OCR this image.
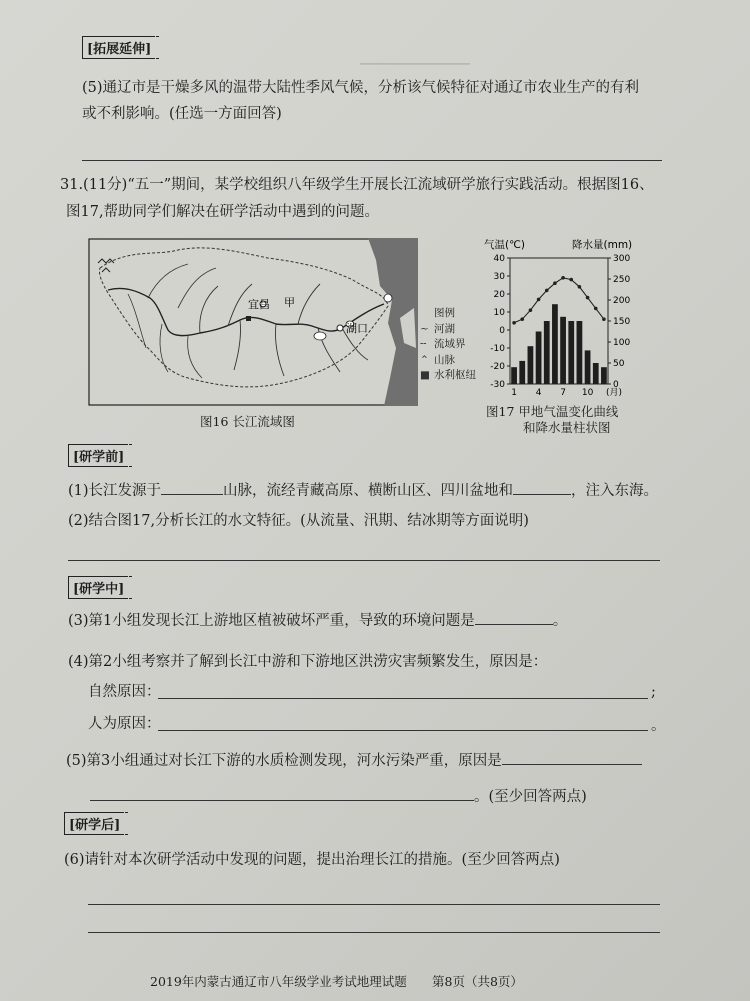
▁▁▁▁▁▁▁▁▁▁▁▁▁
[拓展延伸]
(5)通辽市是干燥多风的温带大陆性季风气候，分析该气候特征对通辽市农业生产的有利
或不利影响。(任选一方面回答)
31.(11分)“五一”期间，某学校组织八年级学生开展长江流域研学旅行实践活动。根据图16、
图17,帮助同学们解决在研学活动中遇到的问题。
宜昌 甲
湖口
图例
~ 河湖
╌ 流域界
⌃ 山脉
■ 水利枢纽
图16 长江流域图
气温(℃)	降水量(mm)
40
30
20
10
0
-10
-20
-30
300
250
200
150
100
50
0
1 4 7 10 (月)
图17 甲地气温变化曲线
和降水量柱状图
[研学前]
(1)长江发源于	山脉，流经青藏高原、横断山区、四川盆地和	，注入东海。
(2)结合图17,分析长江的水文特征。(从流量、汛期、结冰期等方面说明)
[研学中]
(3)第1小组发现长江上游地区植被破坏严重，导致的环境问题是	。
(4)第2小组考察并了解到长江中游和下游地区洪涝灾害频繁发生，原因是：
自然原因：	;
人为原因：	。
(5)第3小组通过对长江下游的水质检测发现，河水污染严重，原因是
。(至少回答两点)
[研学后]
(6)请针对本次研学活动中发现的问题，提出治理长江的措施。(至少回答两点)
2019年内蒙古通辽市八年级学业考试地理试题 第8页（共8页）
